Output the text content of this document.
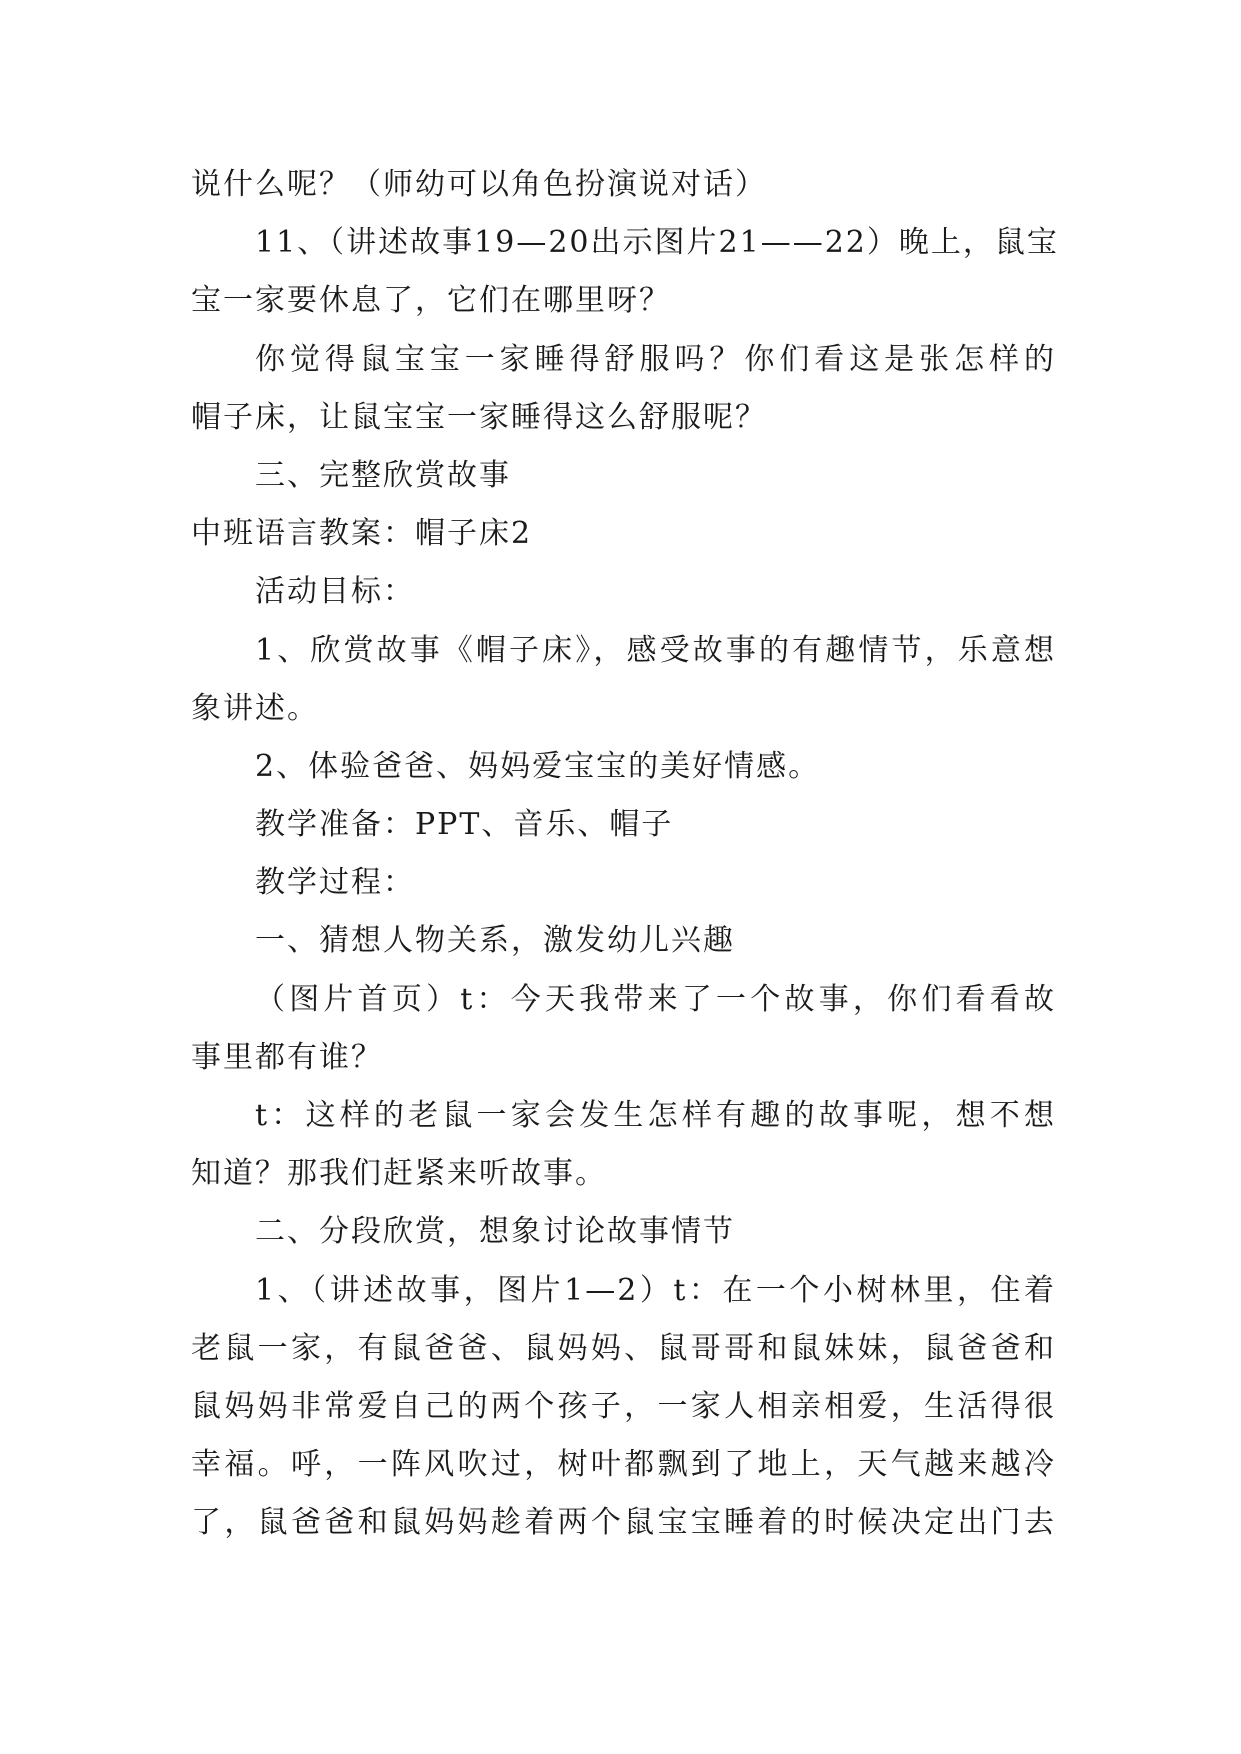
说什么呢？（师幼可以角色扮演说对话）
11、（讲述故事19—20出示图片21——22）晚上，鼠宝
宝一家要休息了，它们在哪里呀？
你觉得鼠宝宝一家睡得舒服吗？你们看这是张怎样的
帽子床，让鼠宝宝一家睡得这么舒服呢？
三、完整欣赏故事
中班语言教案：帽子床2
活动目标：
1、欣赏故事《帽子床》，感受故事的有趣情节，乐意想
象讲述。
2、体验爸爸、妈妈爱宝宝的美好情感。
教学准备：PPT、音乐、帽子
教学过程：
一、猜想人物关系，激发幼儿兴趣
（图片首页）t：今天我带来了一个故事，你们看看故
事里都有谁？
t：这样的老鼠一家会发生怎样有趣的故事呢，想不想
知道？那我们赶紧来听故事。
二、分段欣赏，想象讨论故事情节
1、（讲述故事，图片1—2）t：在一个小树林里，住着
老鼠一家，有鼠爸爸、鼠妈妈、鼠哥哥和鼠妹妹，鼠爸爸和
鼠妈妈非常爱自己的两个孩子，一家人相亲相爱，生活得很
幸福。呼，一阵风吹过，树叶都飘到了地上，天气越来越冷
了，鼠爸爸和鼠妈妈趁着两个鼠宝宝睡着的时候决定出门去
